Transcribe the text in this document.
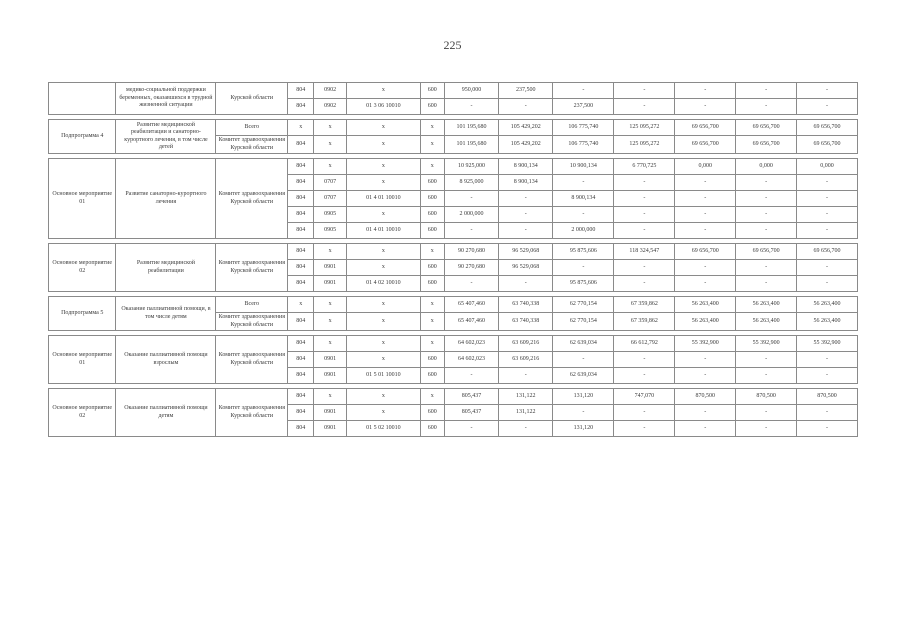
225
	медико-социальной поддержки беременных, оказавшихся в трудной жизненной ситуации	Курской области	804	0902	x	600	950,000	237,500	-	-	-	-	-
			804	0902	01 3 06 10010	600	-	-	237,500	-	-	-	-

Подпрограмма 4	Развитие медицинской реабилитации и санаторно-курортного лечения, в том числе детей	Всего	x	x	x	x	101 195,680	105 429,202	106 775,740	125 095,272	69 656,700	69 656,700	69 656,700
		Комитет здравоохранения Курской области	804	x	x	x	101 195,680	105 429,202	106 775,740	125 095,272	69 656,700	69 656,700	69 656,700

Основное мероприятие 01	Развитие санаторно-курортного лечения	Комитет здравоохранения Курской области	804	x	x	x	10 925,000	8 900,134	10 900,134	6 770,725	0,000	0,000	0,000
			804	0707	x	600	8 925,000	8 900,134	-	-	-	-	-
			804	0707	01 4 01 10010	600	-	-	8 900,134	-	-	-	-
			804	0905	x	600	2 000,000	-	-	-	-	-	-
			804	0905	01 4 01 10010	600	-	-	2 000,000	-	-	-	-

Основное мероприятие 02	Развитие медицинской реабилитации	Комитет здравоохранения Курской области	804	x	x	x	90 270,680	96 529,068	95 875,606	118 324,547	69 656,700	69 656,700	69 656,700
			804	0901	x	600	90 270,680	96 529,068	-	-	-	-	-
			804	0901	01 4 02 10010	600	-	-	95 875,606	-	-	-	-

Подпрограмма 5	Оказание паллиативной помощи, в том числе детям	Всего	x	x	x	x	65 407,460	63 740,338	62 770,154	67 359,862	56 263,400	56 263,400	56 263,400
		Комитет здравоохранения Курской области	804	x	x	x	65 407,460	63 740,338	62 770,154	67 359,862	56 263,400	56 263,400	56 263,400

Основное мероприятие 01	Оказание паллиативной помощи взрослым	Комитет здравоохранения Курской области	804	x	x	x	64 602,023	63 609,216	62 639,034	66 612,792	55 392,900	55 392,900	55 392,900
			804	0901	x	600	64 602,023	63 609,216	-	-	-	-	-
			804	0901	01 5 01 10010	600	-	-	62 639,034	-	-	-	-

Основное мероприятие 02	Оказание паллиативной помощи детям	Комитет здравоохранения Курской области	804	x	x	x	805,437	131,122	131,120	747,070	870,500	870,500	870,500
			804	0901	x	600	805,437	131,122	-	-	-	-	-
			804	0901	01 5 02 10010	600	-	-	131,120	-	-	-	-
